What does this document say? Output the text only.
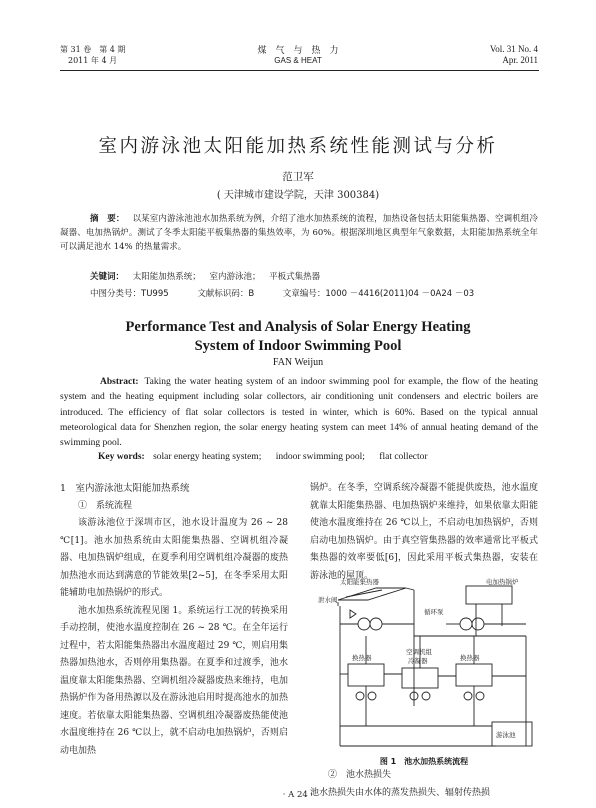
第 31 卷　第 4 期
2011 年 4 月
煤　气　与　热　力
GAS & HEAT
Vol. 31 No. 4
Apr. 2011
室内游泳池太阳能加热系统性能测试与分析
范卫军
( 天津城市建设学院，天津 300384)
摘　要： 以某室内游泳池池水加热系统为例，介绍了池水加热系统的流程，加热设备包括太阳能集热器、空调机组冷凝器、电加热锅炉。测试了冬季太阳能平板集热器的集热效率，为 60%。根据深圳地区典型年气象数据，太阳能加热系统全年可以满足池水 14% 的热量需求。
关键词： 太阳能加热系统； 室内游泳池； 平板式集热器
中图分类号：TU995	文献标识码：B	文章编号：1000 －4416(2011)04 －0A24 －03
Performance Test and Analysis of Solar Energy Heating System of Indoor Swimming Pool
FAN Weijun
Abstract: Taking the water heating system of an indoor swimming pool for example, the flow of the heating system and the heating equipment including solar collectors, air conditioning unit condensers and electric boilers are introduced. The efficiency of flat solar collectors is tested in winter, which is 60%. Based on the typical annual meteorological data for Shenzhen region, the solar energy heating system can meet 14% of annual heating demand of the swimming pool.
Key words: solar energy heating system; indoor swimming pool; flat collector
1　室内游泳池太阳能加热系统
①　系统流程
该游泳池位于深圳市区，池水设计温度为 26 ~ 28 ℃[1]。池水加热系统由太阳能集热器、空调机组冷凝器、电加热锅炉组成，在夏季利用空调机组冷凝器的废热加热池水而达到满意的节能效果[2~5]，在冬季采用太阳能辅助电加热锅炉的形式。
池水加热系统流程见图 1。系统运行工况的转换采用手动控制，使池水温度控制在 26 ~ 28 ℃。在全年运行过程中，若太阳能集热器出水温度超过 29 ℃，则启用集热器加热池水，否则停用集热器。在夏季和过渡季，池水温度靠太阳能集热器、空调机组冷凝器废热来维持，电加热锅炉作为备用热源以及在游泳池启用时提高池水的加热速度。若依靠太阳能集热器、空调机组冷凝器废热能使池水温度维持在 26 ℃以上，就不启动电加热锅炉，否则启动电加热
锅炉。在冬季，空调系统冷凝器不能提供废热，池水温度就靠太阳能集热器、电加热锅炉来维持，如果依靠太阳能使池水温度维持在 26 ℃以上，不启动电加热锅炉，否则启动电加热锅炉。由于真空管集热器的效率通常比平板式集热器的效率要低[6]，因此采用平板式集热器，安装在游泳池的屋顶。
太阳能集热器
泄水阀
循环泵
电加热锅炉
换热器
空调机组
冷凝器	换热器
游泳池
图 1　池水加热系统流程
②　池水热损失
池水热损失由水体的蒸发热损失、辐射传热损
· A 24 ·
